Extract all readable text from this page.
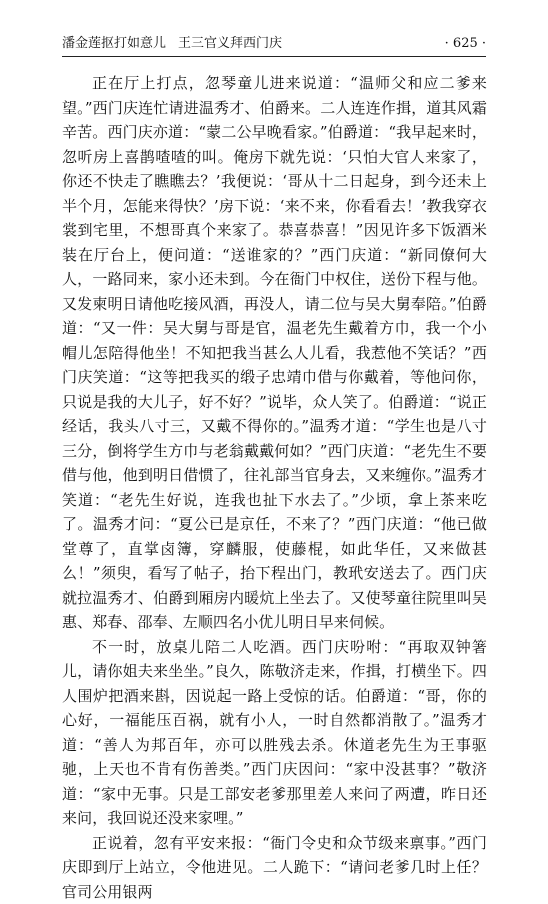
潘金莲抠打如意儿 王三官义拜西门庆	· 625 ·

正在厅上打点，忽琴童儿进来说道：“温师父和应二爹来望。”西门庆连忙请进温秀才、伯爵来。二人连连作揖，道其风霜辛苦。西门庆亦道：“蒙二公早晚看家。”伯爵道：“我早起来时，忽听房上喜鹊喳喳的叫。俺房下就先说：‘只怕大官人来家了，你还不快走了瞧瞧去？’我便说：‘哥从十二日起身，到今还未上半个月，怎能来得快？’房下说：‘来不来，你看看去！’教我穿衣裳到宅里，不想哥真个来家了。恭喜恭喜！”因见许多下饭酒米装在厅台上，便问道：“送谁家的？”西门庆道：“新同僚何大人，一路同来，家小还未到。今在衙门中权住，送份下程与他。又发柬明日请他吃接风酒，再没人，请二位与吴大舅奉陪。”伯爵道：“又一件：吴大舅与哥是官，温老先生戴着方巾，我一个小帽儿怎陪得他坐！不知把我当甚么人儿看，我惹他不笑话？”西门庆笑道：“这等把我买的缎子忠靖巾借与你戴着，等他问你，只说是我的大儿子，好不好？”说毕，众人笑了。伯爵道：“说正经话，我头八寸三，又戴不得你的。”温秀才道：“学生也是八寸三分，倒将学生方巾与老翁戴戴何如？”西门庆道：“老先生不要借与他，他到明日借惯了，往礼部当官身去，又来缠你。”温秀才笑道：“老先生好说，连我也扯下水去了。”少顷，拿上茶来吃了。温秀才问：“夏公已是京任，不来了？”西门庆道：“他已做堂尊了，直掌卤簿，穿麟服，使藤棍，如此华任，又来做甚么！”须臾，看写了帖子，抬下程出门，教玳安送去了。西门庆就拉温秀才、伯爵到厢房内暖炕上坐去了。又使琴童往院里叫吴惠、郑春、邵奉、左顺四名小优儿明日早来伺候。

不一时，放桌儿陪二人吃酒。西门庆吩咐：“再取双钟箸儿，请你姐夫来坐坐。”良久，陈敬济走来，作揖，打横坐下。四人围炉把酒来斟，因说起一路上受惊的话。伯爵道：“哥，你的心好，一福能压百祸，就有小人，一时自然都消散了。”温秀才道：“善人为邦百年，亦可以胜残去杀。休道老先生为王事驱驰，上天也不肯有伤善类。”西门庆因问：“家中没甚事？”敬济道：“家中无事。只是工部安老爹那里差人来问了两遭，昨日还来问，我回说还没来家哩。”

正说着，忽有平安来报：“衙门令史和众节级来禀事。”西门庆即到厅上站立，令他进见。二人跪下：“请问老爹几时上任？官司公用银两
